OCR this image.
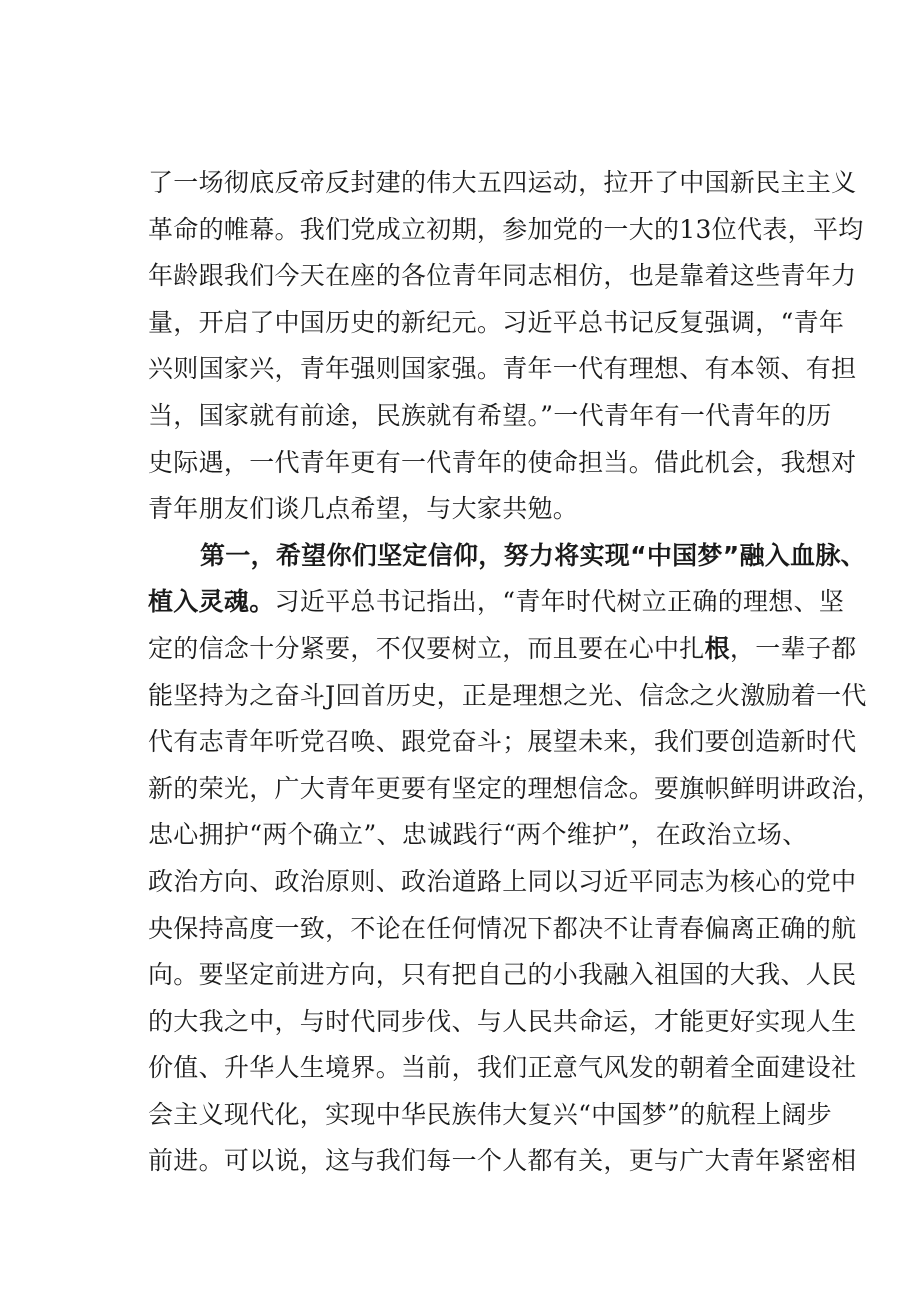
了一场彻底反帝反封建的伟大五四运动，拉开了中国新民主主义
革命的帷幕。我们党成立初期，参加党的一大的13位代表，平均
年龄跟我们今天在座的各位青年同志相仿，也是靠着这些青年力
量，开启了中国历史的新纪元。习近平总书记反复强调，“青年
兴则国家兴，青年强则国家强。青年一代有理想、有本领、有担
当，国家就有前途，民族就有希望。”一代青年有一代青年的历
史际遇，一代青年更有一代青年的使命担当。借此机会，我想对
青年朋友们谈几点希望，与大家共勉。
第一，希望你们坚定信仰，努力将实现“中国梦”融入血脉、
植入灵魂。习近平总书记指出，“青年时代树立正确的理想、坚
定的信念十分紧要，不仅要树立，而且要在心中扎根，一辈子都
能坚持为之奋斗J回首历史，正是理想之光、信念之火激励着一代
代有志青年听党召唤、跟党奋斗；展望未来，我们要创造新时代
新的荣光，广大青年更要有坚定的理想信念。要旗帜鲜明讲政治，
忠心拥护“两个确立”、忠诚践行“两个维护”，在政治立场、
政治方向、政治原则、政治道路上同以习近平同志为核心的党中
央保持高度一致，不论在任何情况下都决不让青春偏离正确的航
向。要坚定前进方向，只有把自己的小我融入祖国的大我、人民
的大我之中，与时代同步伐、与人民共命运，才能更好实现人生
价值、升华人生境界。当前，我们正意气风发的朝着全面建设社
会主义现代化，实现中华民族伟大复兴“中国梦”的航程上阔步
前进。可以说，这与我们每一个人都有关，更与广大青年紧密相
